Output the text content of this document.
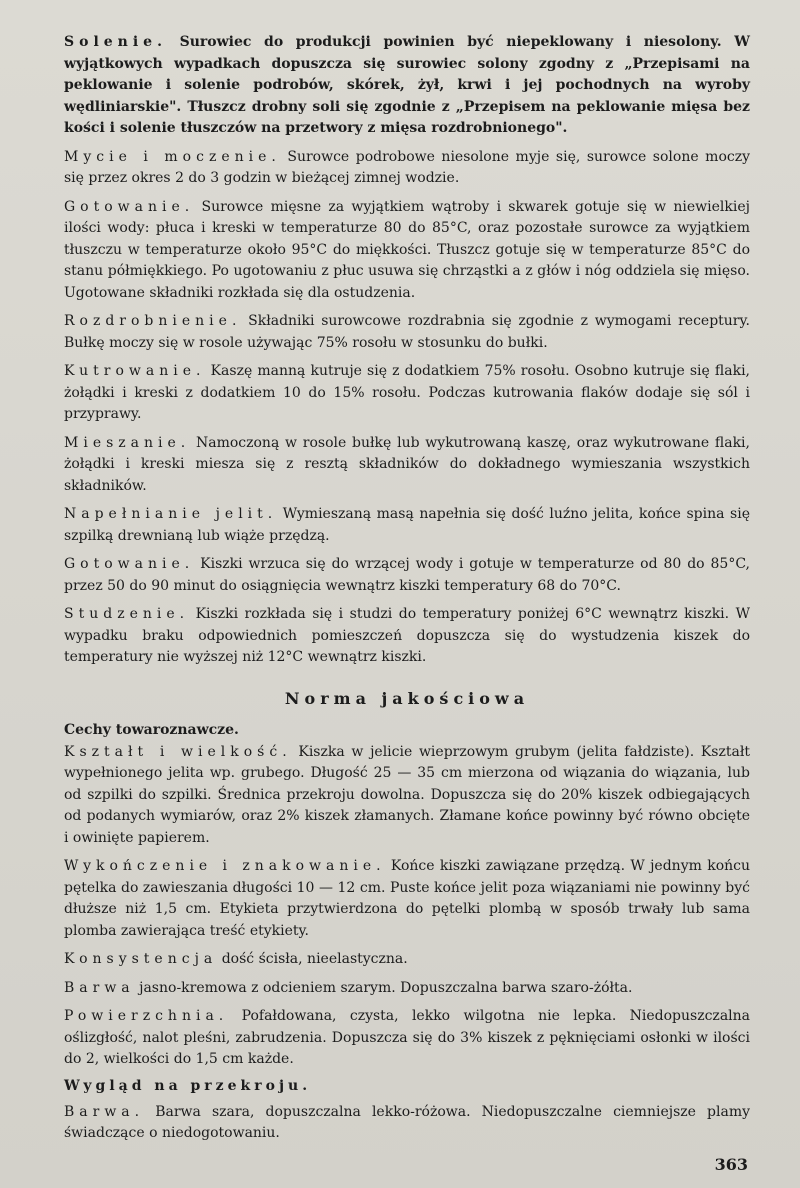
Solenie. Surowiec do produkcji powinien być niepeklowany i niesolony. W wyjątkowych wypadkach dopuszcza się surowiec solony zgodny z „Przepisami na peklowanie i solenie podrobów, skórek, żył, krwi i jej pochodnych na wyroby wędliniarskie". Tłuszcz drobny soli się zgodnie z „Przepisem na peklowanie mięsa bez kości i solenie tłuszczów na przetwory z mięsa rozdrobnionego".

Mycie i moczenie. Surowce podrobowe niesolone myje się, surowce solone moczy się przez okres 2 do 3 godzin w bieżącej zimnej wodzie.

Gotowanie. Surowce mięsne za wyjątkiem wątroby i skwarek gotuje się w niewielkiej ilości wody: płuca i kreski w temperaturze 80 do 85°C, oraz pozostałe surowce za wyjątkiem tłuszczu w temperaturze około 95°C do miękkości. Tłuszcz gotuje się w temperaturze 85°C do stanu półmiękkiego. Po ugotowaniu z płuc usuwa się chrząstki a z głów i nóg oddziela się mięso. Ugotowane składniki rozkłada się dla ostudzenia.

Rozdrobnienie. Składniki surowcowe rozdrabnia się zgodnie z wymogami receptury. Bułkę moczy się w rosole używając 75% rosołu w stosunku do bułki.

Kutrowanie. Kaszę manną kutruje się z dodatkiem 75% rosołu. Osobno kutruje się flaki, żołądki i kreski z dodatkiem 10 do 15% rosołu. Podczas kutrowania flaków dodaje się sól i przyprawy.

Mieszanie. Namoczoną w rosole bułkę lub wykutrowaną kaszę, oraz wykutrowane flaki, żołądki i kreski miesza się z resztą składników do dokładnego wymieszania wszystkich składników.

Napełnianie jelit. Wymieszaną masą napełnia się dość luźno jelita, końce spina się szpilką drewnianą lub wiąże przędzą.

Gotowanie. Kiszki wrzuca się do wrzącej wody i gotuje w temperaturze od 80 do 85°C, przez 50 do 90 minut do osiągnięcia wewnątrz kiszki temperatury 68 do 70°C.

Studzenie. Kiszki rozkłada się i studzi do temperatury poniżej 6°C wewnątrz kiszki. W wypadku braku odpowiednich pomieszczeń dopuszcza się do wystudzenia kiszek do temperatury nie wyższej niż 12°C wewnątrz kiszki.

Norma jakościowa
Cechy towaroznawcze.

Kształt i wielkość. Kiszka w jelicie wieprzowym grubym (jelita fałdziste). Kształt wypełnionego jelita wp. grubego. Długość 25 — 35 cm mierzona od wiązania do wiązania, lub od szpilki do szpilki. Średnica przekroju dowolna. Dopuszcza się do 20% kiszek odbiegających od podanych wymiarów, oraz 2% kiszek złamanych. Złamane końce powinny być równo obcięte i owinięte papierem.

Wykończenie i znakowanie. Końce kiszki zawiązane przędzą. W jednym końcu pętelka do zawieszania długości 10 — 12 cm. Puste końce jelit poza wiązaniami nie powinny być dłuższe niż 1,5 cm. Etykieta przytwierdzona do pętelki plombą w sposób trwały lub sama plomba zawierająca treść etykiety.

Konsystencja dość ścisła, nieelastyczna.

Barwa jasno-kremowa z odcieniem szarym. Dopuszczalna barwa szaro-żółta.

Powierzchnia. Pofałdowana, czysta, lekko wilgotna nie lepka. Niedopuszczalna oślizgłość, nalot pleśni, zabrudzenia. Dopuszcza się do 3% kiszek z pęknięciami osłonki w ilości do 2, wielkości do 1,5 cm każde.

Wygląd na przekroju.

Barwa. Barwa szara, dopuszczalna lekko-różowa. Niedopuszczalne ciemniejsze plamy świadczące o niedogotowaniu.

363
